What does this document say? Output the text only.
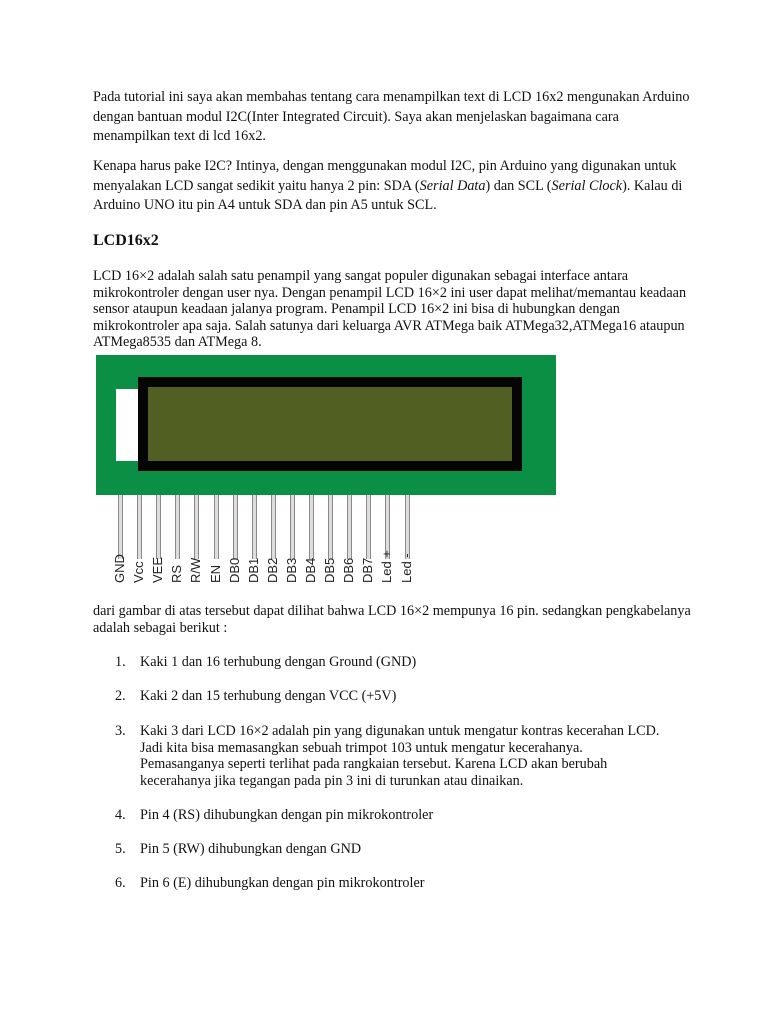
Pada tutorial ini saya akan membahas tentang cara menampilkan text di LCD 16x2 mengunakan Arduino dengan bantuan modul I2C(Inter Integrated Circuit). Saya akan menjelaskan bagaimana cara menampilkan text di lcd 16x2.

Kenapa harus pake I2C? Intinya, dengan menggunakan modul I2C, pin Arduino yang digunakan untuk menyalakan LCD sangat sedikit yaitu hanya 2 pin: SDA (Serial Data) dan SCL (Serial Clock). Kalau di Arduino UNO itu pin A4 untuk SDA dan pin A5 untuk SCL.

LCD16x2

LCD 16×2 adalah salah satu penampil yang sangat populer digunakan sebagai interface antara mikrokontroler dengan user nya. Dengan penampil LCD 16×2 ini user dapat melihat/memantau keadaan sensor ataupun keadaan jalanya program. Penampil LCD 16×2 ini bisa di hubungkan dengan mikrokontroler apa saja. Salah satunya dari keluarga AVR ATMega baik ATMega32,ATMega16 ataupun ATMega8535 dan ATMega 8.

GND Vcc VEE RS R/W EN DB0 DB1 DB2 DB3 DB4 DB5 DB6 DB7 Led + Led -

dari gambar di atas tersebut dapat dilihat bahwa LCD 16×2 mempunya 16 pin. sedangkan pengkabelanya adalah sebagai berikut :

1. Kaki 1 dan 16 terhubung dengan Ground (GND)
2. Kaki 2 dan 15 terhubung dengan VCC (+5V)
3. Kaki 3 dari LCD 16×2 adalah pin yang digunakan untuk mengatur kontras kecerahan LCD. Jadi kita bisa memasangkan sebuah trimpot 103 untuk mengatur kecerahanya. Pemasanganya seperti terlihat pada rangkaian tersebut. Karena LCD akan berubah kecerahanya jika tegangan pada pin 3 ini di turunkan atau dinaikan.
4. Pin 4 (RS) dihubungkan dengan pin mikrokontroler
5. Pin 5 (RW) dihubungkan dengan GND
6. Pin 6 (E) dihubungkan dengan pin mikrokontroler
